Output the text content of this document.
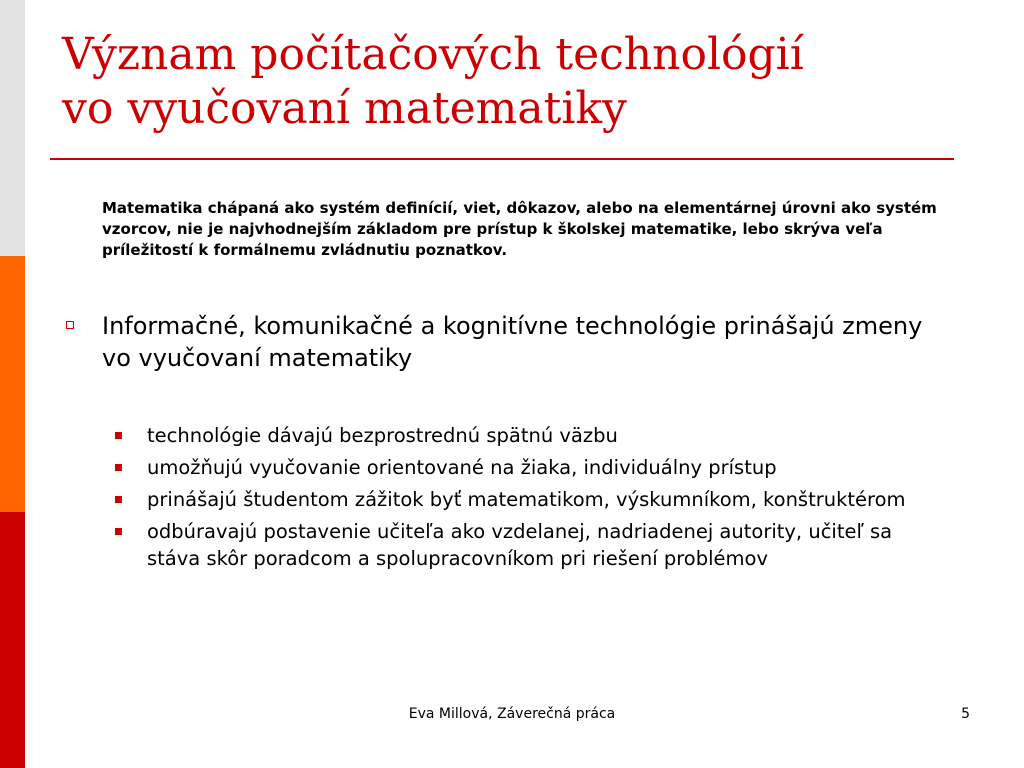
Význam počítačových technológií
vo vyučovaní matematiky

Matematika chápaná ako systém definícií, viet, dôkazov, alebo na elementárnej úrovni ako systém vzorcov, nie je najvhodnejším základom pre prístup k školskej matematike, lebo skrýva veľa príležitostí k formálnemu zvládnutiu poznatkov.

Informačné, komunikačné a kognitívne technológie prinášajú zmeny vo vyučovaní matematiky
technológie dávajú bezprostrednú spätnú väzbu
umožňujú vyučovanie orientované na žiaka, individuálny prístup
prinášajú študentom zážitok byť matematikom, výskumníkom, konštruktérom
odbúravajú postavenie učiteľa ako vzdelanej, nadriadenej autority, učiteľ sa stáva skôr poradcom a spolupracovníkom pri riešení problémov
Eva Millová, Záverečná práca	5
